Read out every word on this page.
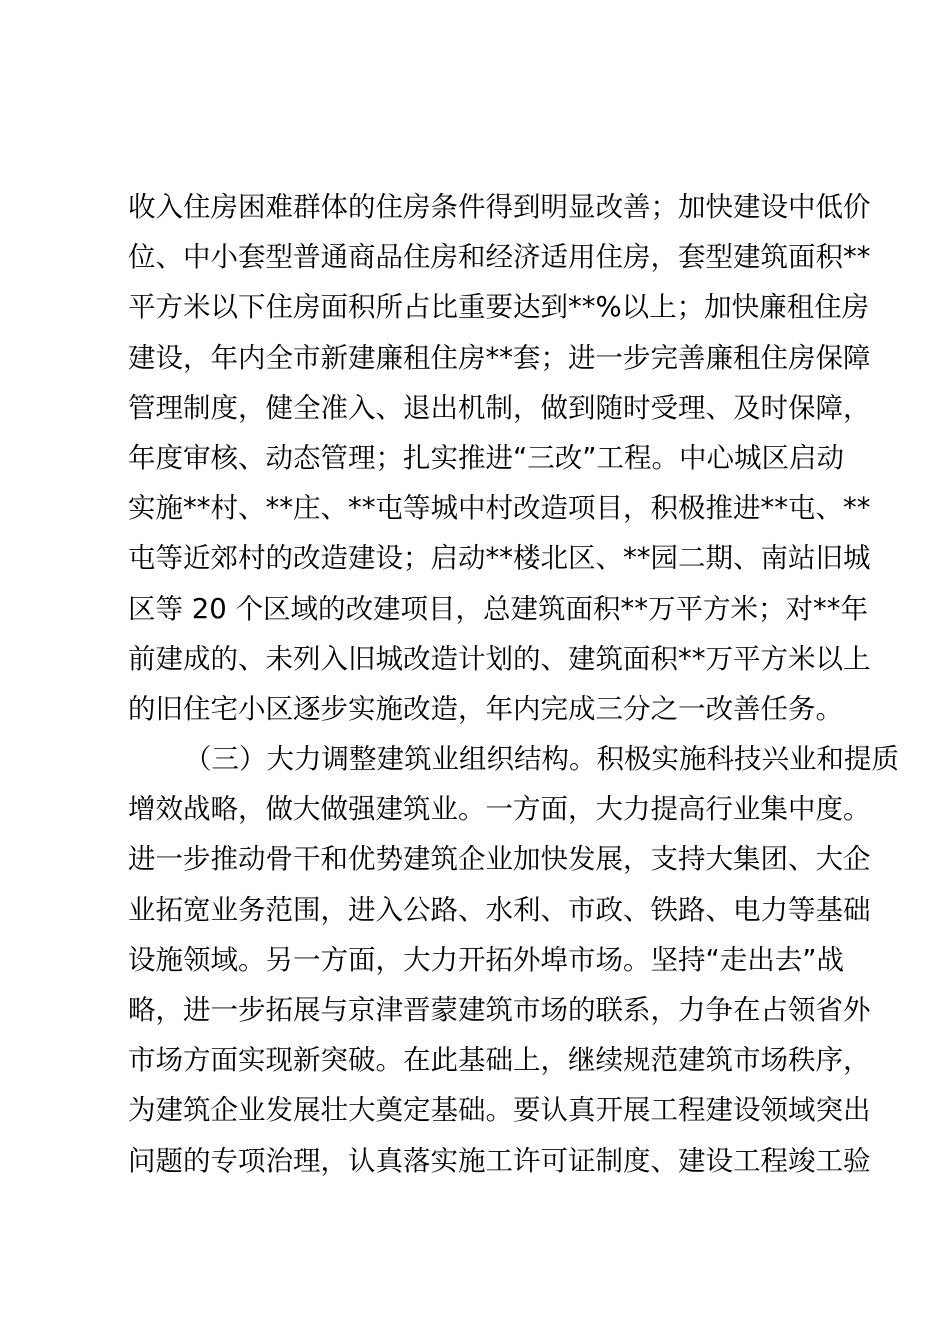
收入住房困难群体的住房条件得到明显改善；加快建设中低价
位、中小套型普通商品住房和经济适用住房，套型建筑面积**
平方米以下住房面积所占比重要达到**%以上；加快廉租住房
建设，年内全市新建廉租住房**套；进一步完善廉租住房保障
管理制度，健全准入、退出机制，做到随时受理、及时保障，
年度审核、动态管理；扎实推进“三改”工程。中心城区启动
实施**村、**庄、**屯等城中村改造项目，积极推进**屯、**
屯等近郊村的改造建设；启动**楼北区、**园二期、南站旧城
区等 20 个区域的改建项目，总建筑面积**万平方米；对**年
前建成的、未列入旧城改造计划的、建筑面积**万平方米以上
的旧住宅小区逐步实施改造，年内完成三分之一改善任务。
（三）大力调整建筑业组织结构。积极实施科技兴业和提质
增效战略，做大做强建筑业。一方面，大力提高行业集中度。
进一步推动骨干和优势建筑企业加快发展，支持大集团、大企
业拓宽业务范围，进入公路、水利、市政、铁路、电力等基础
设施领域。另一方面，大力开拓外埠市场。坚持“走出去”战
略，进一步拓展与京津晋蒙建筑市场的联系，力争在占领省外
市场方面实现新突破。在此基础上，继续规范建筑市场秩序，
为建筑企业发展壮大奠定基础。要认真开展工程建设领域突出
问题的专项治理，认真落实施工许可证制度、建设工程竣工验
